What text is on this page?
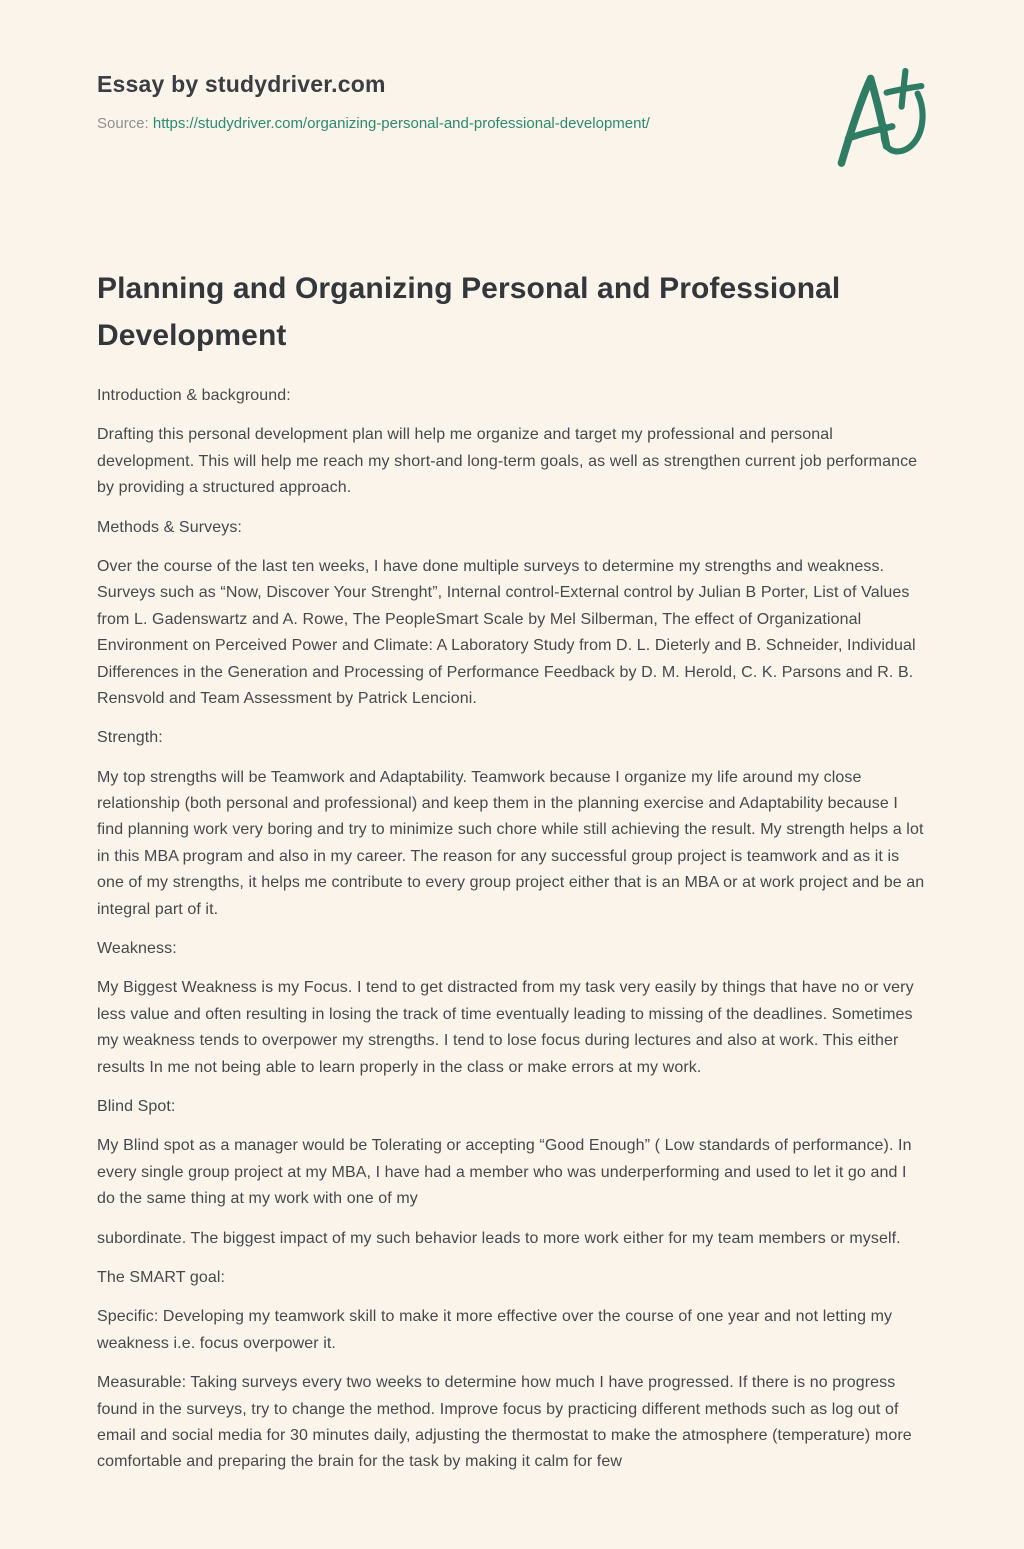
Essay by studydriver.com
Source: https://studydriver.com/organizing-personal-and-professional-development/
Planning and Organizing Personal and Professional Development

Introduction & background:

Drafting this personal development plan will help me organize and target my professional and personal development. This will help me reach my short-and long-term goals, as well as strengthen current job performance by providing a structured approach.

Methods & Surveys:

Over the course of the last ten weeks, I have done multiple surveys to determine my strengths and weakness. Surveys such as “Now, Discover Your Strenght”, Internal control-External control by Julian B Porter, List of Values from L. Gadenswartz and A. Rowe, The PeopleSmart Scale by Mel Silberman, The effect of Organizational Environment on Perceived Power and Climate: A Laboratory Study from D. L. Dieterly and B. Schneider, Individual Differences in the Generation and Processing of Performance Feedback by D. M. Herold, C. K. Parsons and R. B. Rensvold and Team Assessment by Patrick Lencioni.

Strength:

My top strengths will be Teamwork and Adaptability. Teamwork because I organize my life around my close relationship (both personal and professional) and keep them in the planning exercise and Adaptability because I find planning work very boring and try to minimize such chore while still achieving the result. My strength helps a lot in this MBA program and also in my career. The reason for any successful group project is teamwork and as it is one of my strengths, it helps me contribute to every group project either that is an MBA or at work project and be an integral part of it.

Weakness:

My Biggest Weakness is my Focus. I tend to get distracted from my task very easily by things that have no or very less value and often resulting in losing the track of time eventually leading to missing of the deadlines. Sometimes my weakness tends to overpower my strengths. I tend to lose focus during lectures and also at work. This either results In me not being able to learn properly in the class or make errors at my work.

Blind Spot:

My Blind spot as a manager would be Tolerating or accepting “Good Enough” ( Low standards of performance). In every single group project at my MBA, I have had a member who was underperforming and used to let it go and I do the same thing at my work with one of my

subordinate. The biggest impact of my such behavior leads to more work either for my team members or myself.

The SMART goal:

Specific: Developing my teamwork skill to make it more effective over the course of one year and not letting my weakness i.e. focus overpower it.

Measurable: Taking surveys every two weeks to determine how much I have progressed. If there is no progress found in the surveys, try to change the method. Improve focus by practicing different methods such as log out of email and social media for 30 minutes daily, adjusting the thermostat to make the atmosphere (temperature) more comfortable and preparing the brain for the task by making it calm for few
